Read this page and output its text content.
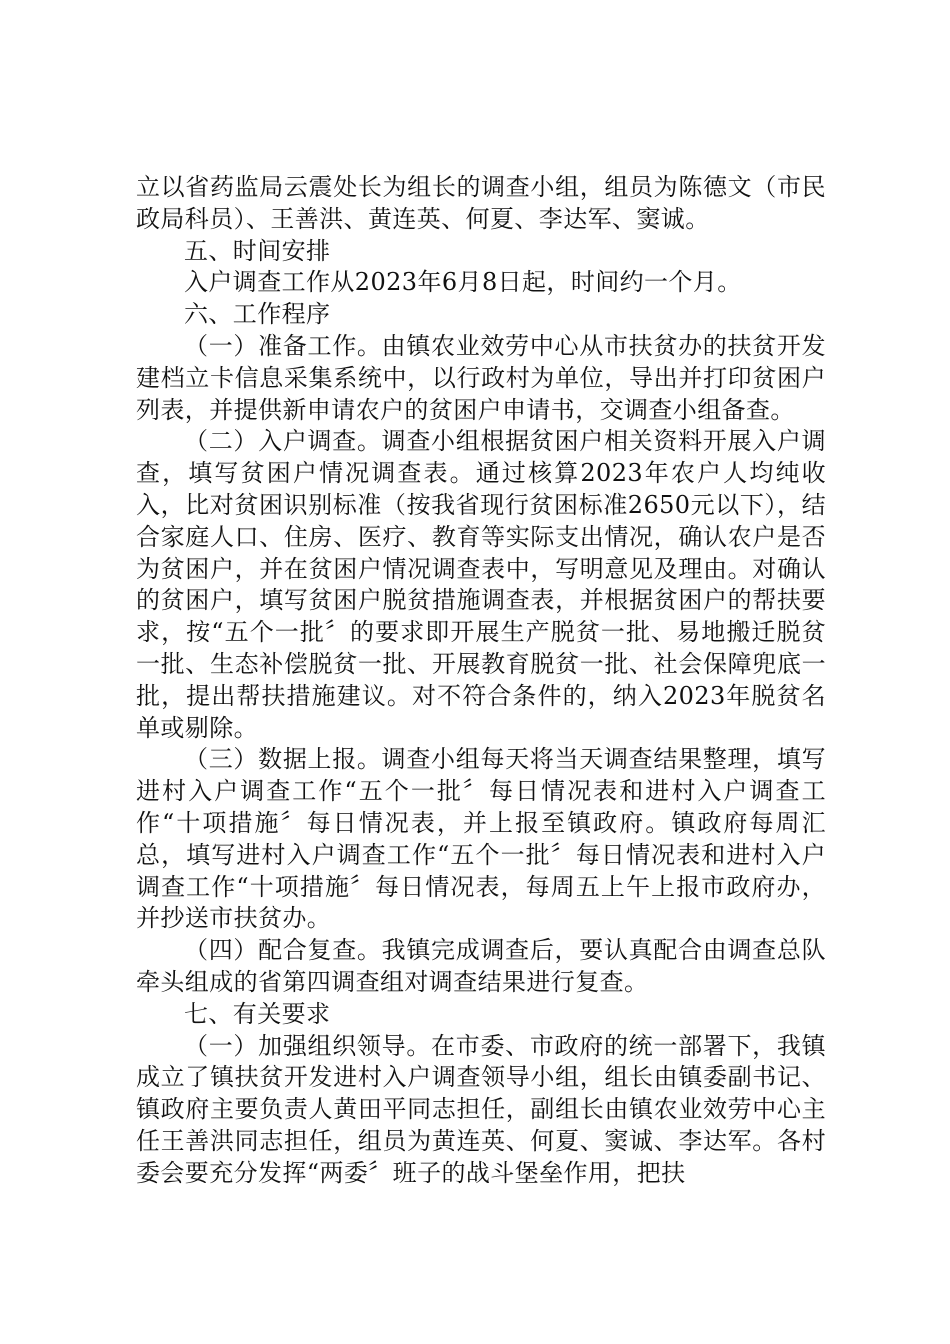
立以省药监局云震处长为组长的调查小组，组员为陈德文（市民政局科员）、王善洪、黄连英、何夏、李达军、窦诚。

五、时间安排

入户调查工作从2023年6月8日起，时间约一个月。

六、工作程序

（一）准备工作。由镇农业效劳中心从市扶贫办的扶贫开发建档立卡信息采集系统中，以行政村为单位，导出并打印贫困户列表，并提供新申请农户的贫困户申请书，交调查小组备查。

（二）入户调查。调查小组根据贫困户相关资料开展入户调查，填写贫困户情况调查表。通过核算2023年农户人均纯收入，比对贫困识别标准（按我省现行贫困标准2650元以下），结合家庭人口、住房、医疗、教育等实际支出情况，确认农户是否为贫困户，并在贫困户情况调查表中，写明意见及理由。对确认的贫困户，填写贫困户脱贫措施调查表，并根据贫困户的帮扶要求，按“五个一批〞的要求即开展生产脱贫一批、易地搬迁脱贫一批、生态补偿脱贫一批、开展教育脱贫一批、社会保障兜底一批，提出帮扶措施建议。对不符合条件的，纳入2023年脱贫名单或剔除。

（三）数据上报。调查小组每天将当天调查结果整理，填写进村入户调查工作“五个一批〞每日情况表和进村入户调查工作“十项措施〞每日情况表，并上报至镇政府。镇政府每周汇总，填写进村入户调查工作“五个一批〞每日情况表和进村入户调查工作“十项措施〞每日情况表，每周五上午上报市政府办，并抄送市扶贫办。

（四）配合复查。我镇完成调查后，要认真配合由调查总队牵头组成的省第四调查组对调查结果进行复查。

七、有关要求

（一）加强组织领导。在市委、市政府的统一部署下，我镇成立了镇扶贫开发进村入户调查领导小组，组长由镇委副书记、镇政府主要负责人黄田平同志担任，副组长由镇农业效劳中心主任王善洪同志担任，组员为黄连英、何夏、窦诚、李达军。各村委会要充分发挥“两委〞班子的战斗堡垒作用，把扶
